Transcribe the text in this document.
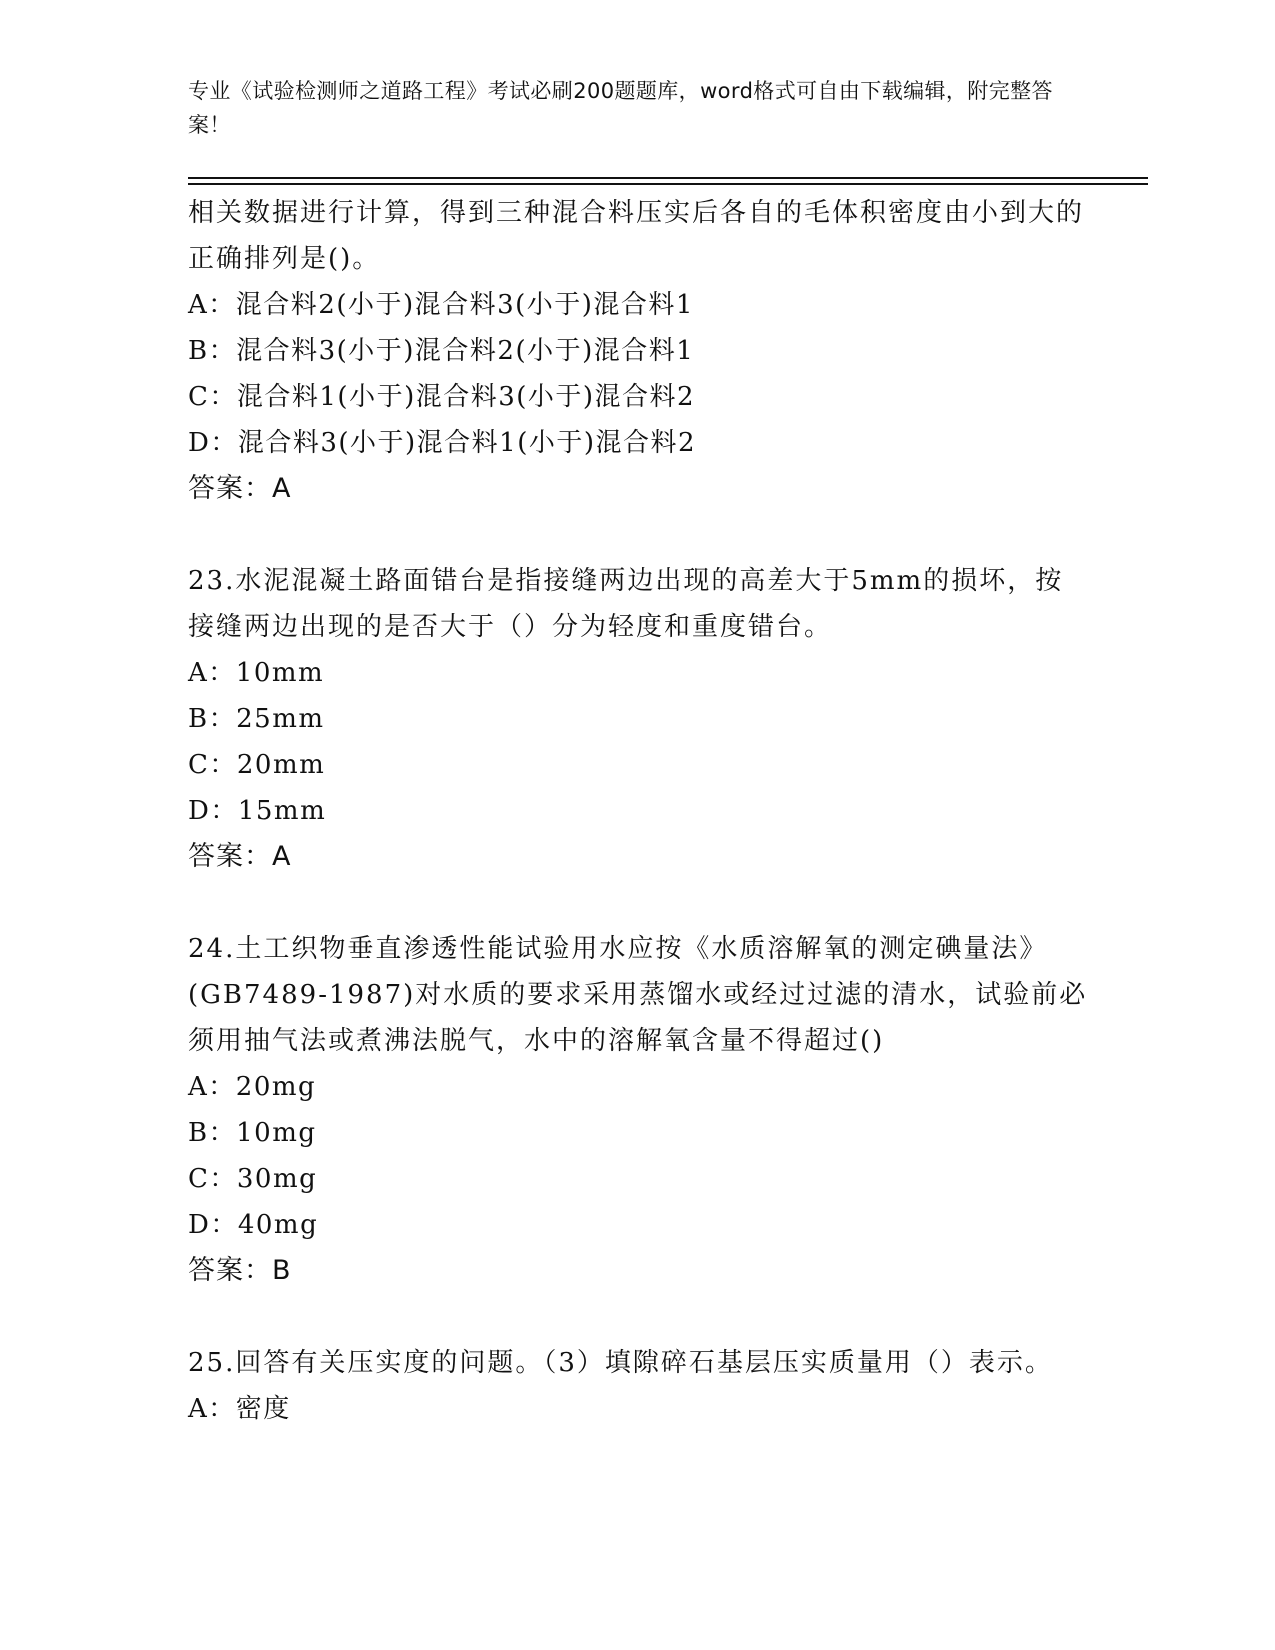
专业《试验检测师之道路工程》考试必刷200题题库，word格式可自由下载编辑，附完整答案！
相关数据进行计算，得到三种混合料压实后各自的毛体积密度由小到大的正确排列是()。
A：混合料2(小于)混合料3(小于)混合料1
B：混合料3(小于)混合料2(小于)混合料1
C：混合料1(小于)混合料3(小于)混合料2
D：混合料3(小于)混合料1(小于)混合料2
答案：A
23.水泥混凝土路面错台是指接缝两边出现的高差大于5mm的损坏，按接缝两边出现的是否大于（）分为轻度和重度错台。
A：10mm
B：25mm
C：20mm
D：15mm
答案：A
24.土工织物垂直渗透性能试验用水应按《水质溶解氧的测定碘量法》(GB7489-1987)对水质的要求采用蒸馏水或经过过滤的清水，试验前必须用抽气法或煮沸法脱气，水中的溶解氧含量不得超过()
A：20mg
B：10mg
C：30mg
D：40mg
答案：B
25.回答有关压实度的问题。（3）填隙碎石基层压实质量用（）表示。
A：密度
